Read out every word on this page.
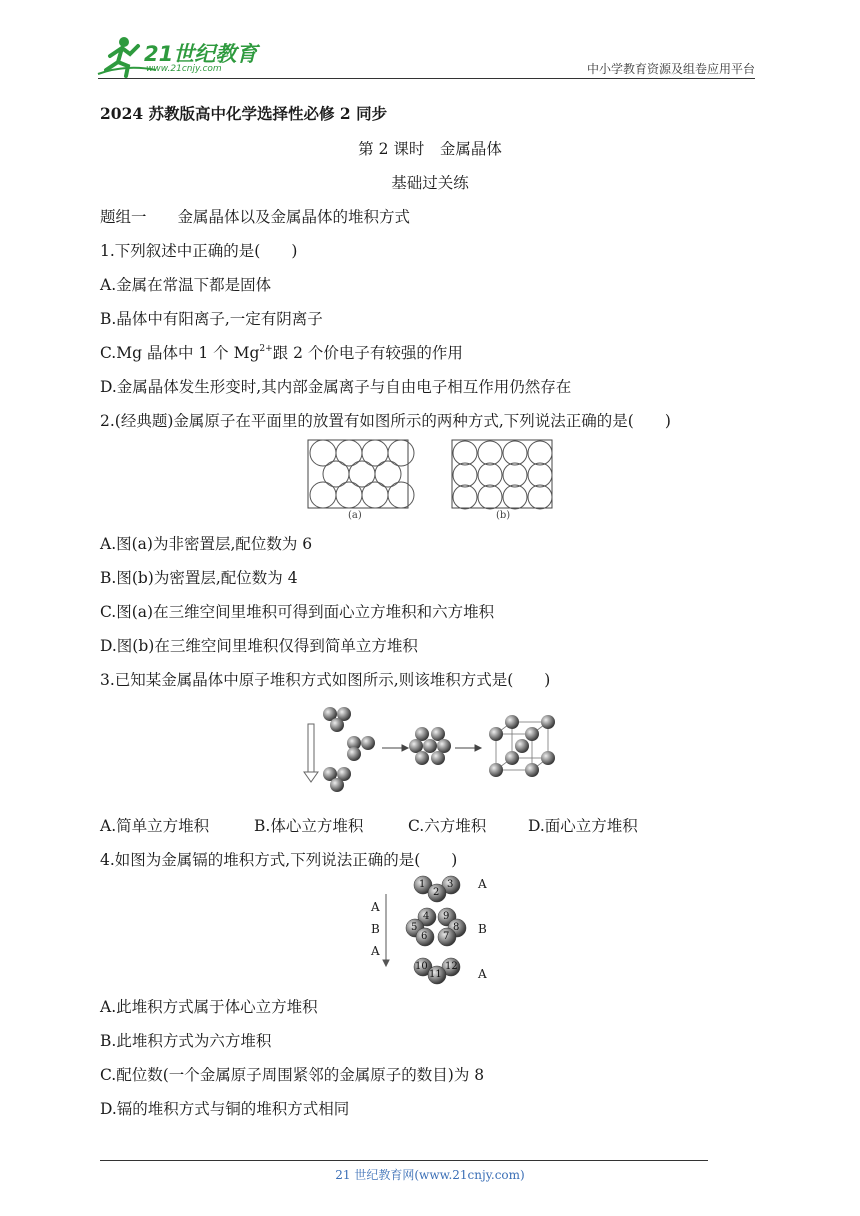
21世纪教育
www.21cnjy.com	中小学教育资源及组卷应用平台
2024 苏教版高中化学选择性必修 2 同步
第 2 课时　金属晶体
基础过关练
题组一　　金属晶体以及金属晶体的堆积方式
1.下列叙述中正确的是(　　)
A.金属在常温下都是固体
B.晶体中有阳离子,一定有阴离子
C.Mg 晶体中 1 个 $Mg^{2+}$跟 2 个价电子有较强的作用
D.金属晶体发生形变时,其内部金属离子与自由电子相互作用仍然存在
2.(经典题)金属原子在平面里的放置有如图所示的两种方式,下列说法正确的是(　　)
(a)	(b)
A.图(a)为非密置层,配位数为 6
B.图(b)为密置层,配位数为 4
C.图(a)在三维空间里堆积可得到面心立方堆积和六方堆积
D.图(b)在三维空间里堆积仅得到简单立方堆积
3.已知某金属晶体中原子堆积方式如图所示,则该堆积方式是(　　)
A.简单立方堆积	B.体心立方堆积	C.六方堆积	D.面心立方堆积
4.如图为金属镉的堆积方式,下列说法正确的是(　　)
A
B
A
A
B
A
1
2
3
4
5
6 7
8
9
10
11
12
A.此堆积方式属于体心立方堆积
B.此堆积方式为六方堆积
C.配位数(一个金属原子周围紧邻的金属原子的数目)为 8
D.镉的堆积方式与铜的堆积方式相同
21 世纪教育网(www.21cnjy.com)
